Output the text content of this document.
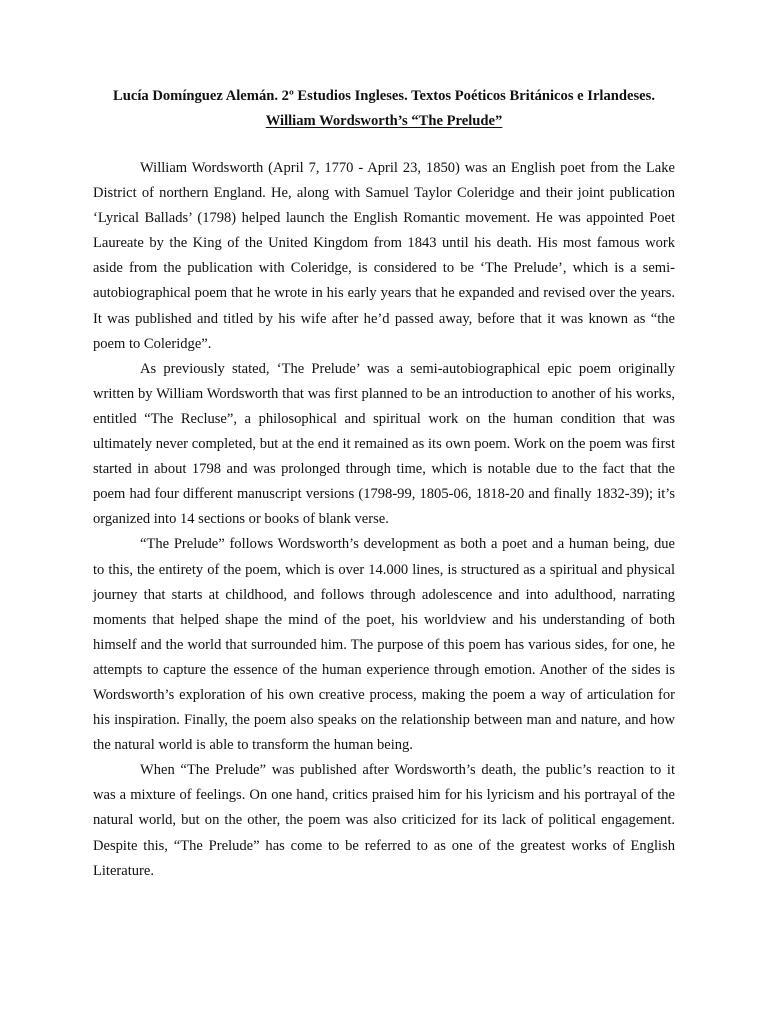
Lucía Domínguez Alemán. 2º Estudios Ingleses. Textos Poéticos Británicos e Irlandeses.
William Wordsworth’s “The Prelude”

William Wordsworth (April 7, 1770 - April 23, 1850) was an English poet from the Lake District of northern England. He, along with Samuel Taylor Coleridge and their joint publication ‘Lyrical Ballads’ (1798) helped launch the English Romantic movement. He was appointed Poet Laureate by the King of the United Kingdom from 1843 until his death. His most famous work aside from the publication with Coleridge, is considered to be ‘The Prelude’, which is a semi-autobiographical poem that he wrote in his early years that he expanded and revised over the years. It was published and titled by his wife after he’d passed away, before that it was known as “the poem to Coleridge”.

As previously stated, ‘The Prelude’ was a semi-autobiographical epic poem originally written by William Wordsworth that was first planned to be an introduction to another of his works, entitled “The Recluse”, a philosophical and spiritual work on the human condition that was ultimately never completed, but at the end it remained as its own poem. Work on the poem was first started in about 1798 and was prolonged through time, which is notable due to the fact that the poem had four different manuscript versions (1798-99, 1805-06, 1818-20 and finally 1832-39); it’s organized into 14 sections or books of blank verse.

“The Prelude” follows Wordsworth’s development as both a poet and a human being, due to this, the entirety of the poem, which is over 14.000 lines, is structured as a spiritual and physical journey that starts at childhood, and follows through adolescence and into adulthood, narrating moments that helped shape the mind of the poet, his worldview and his understanding of both himself and the world that surrounded him. The purpose of this poem has various sides, for one, he attempts to capture the essence of the human experience through emotion. Another of the sides is Wordsworth’s exploration of his own creative process, making the poem a way of articulation for his inspiration. Finally, the poem also speaks on the relationship between man and nature, and how the natural world is able to transform the human being.

When “The Prelude” was published after Wordsworth’s death, the public’s reaction to it was a mixture of feelings. On one hand, critics praised him for his lyricism and his portrayal of the natural world, but on the other, the poem was also criticized for its lack of political engagement. Despite this, “The Prelude” has come to be referred to as one of the greatest works of English Literature.
